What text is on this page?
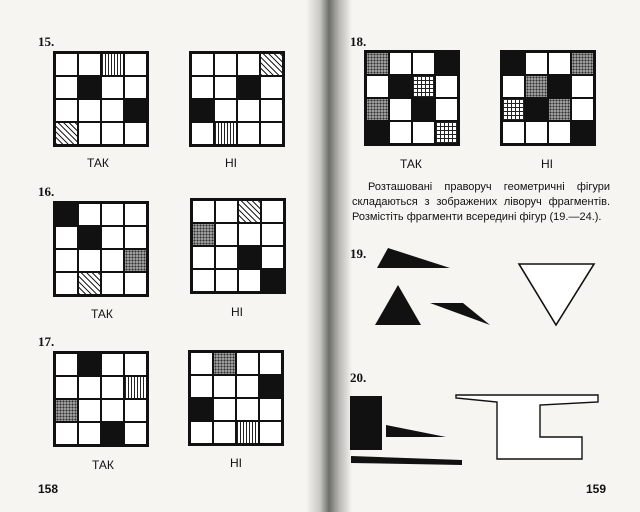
15.
ТАК	НІ
16.
ТАК	НІ
17.
ТАК	НІ
158
18.
ТАК	НІ
Розташовані праворуч геометричні фігури складаються з зображених ліворуч фрагментів. Розмістіть фрагменти всередині фігур (19.—24.).
19.
20.
159
